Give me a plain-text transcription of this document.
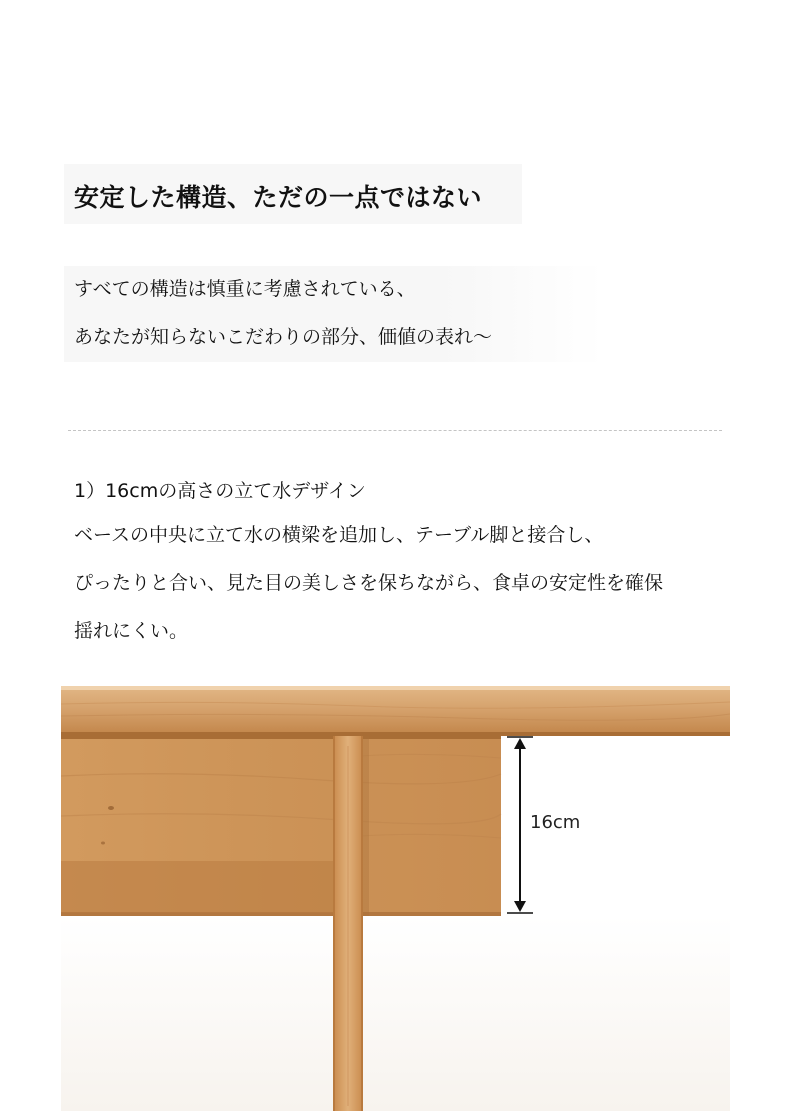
安定した構造、ただの一点ではない
すべての構造は慎重に考慮されている、
あなたが知らないこだわりの部分、価値の表れ〜
1）16cmの高さの立て水デザイン
ベースの中央に立て水の横梁を追加し、テーブル脚と接合し、
ぴったりと合い、見た目の美しさを保ちながら、食卓の安定性を確保
揺れにくい。
16cm
